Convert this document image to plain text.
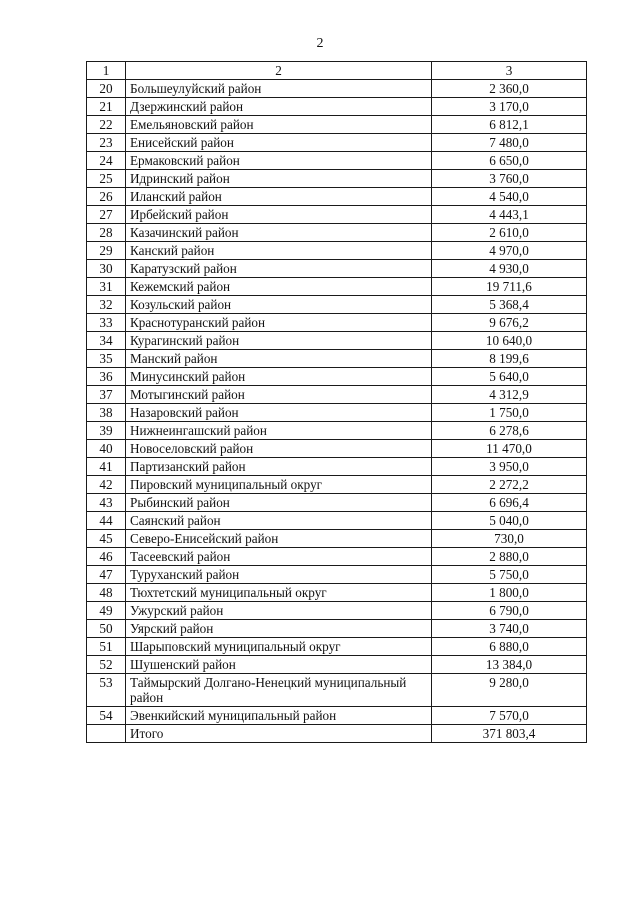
2
1	2	3
20	Большеулуйский район	2 360,0
21	Дзержинский район	3 170,0
22	Емельяновский район	6 812,1
23	Енисейский район	7 480,0
24	Ермаковский район	6 650,0
25	Идринский район	3 760,0
26	Иланский район	4 540,0
27	Ирбейский район	4 443,1
28	Казачинский район	2 610,0
29	Канский район	4 970,0
30	Каратузский район	4 930,0
31	Кежемский район	19 711,6
32	Козульский район	5 368,4
33	Краснотуранский район	9 676,2
34	Курагинский район	10 640,0
35	Манский район	8 199,6
36	Минусинский район	5 640,0
37	Мотыгинский район	4 312,9
38	Назаровский район	1 750,0
39	Нижнеингашский район	6 278,6
40	Новоселовский район	11 470,0
41	Партизанский район	3 950,0
42	Пировский муниципальный округ	2 272,2
43	Рыбинский район	6 696,4
44	Саянский район	5 040,0
45	Северо-Енисейский район	730,0
46	Тасеевский район	2 880,0
47	Туруханский район	5 750,0
48	Тюхтетский муниципальный округ	1 800,0
49	Ужурский район	6 790,0
50	Уярский район	3 740,0
51	Шарыповский муниципальный округ	6 880,0
52	Шушенский район	13 384,0
53	Таймырский Долгано-Ненецкий муниципальный район	9 280,0
54	Эвенкийский муниципальный район	7 570,0
	Итого	371 803,4
